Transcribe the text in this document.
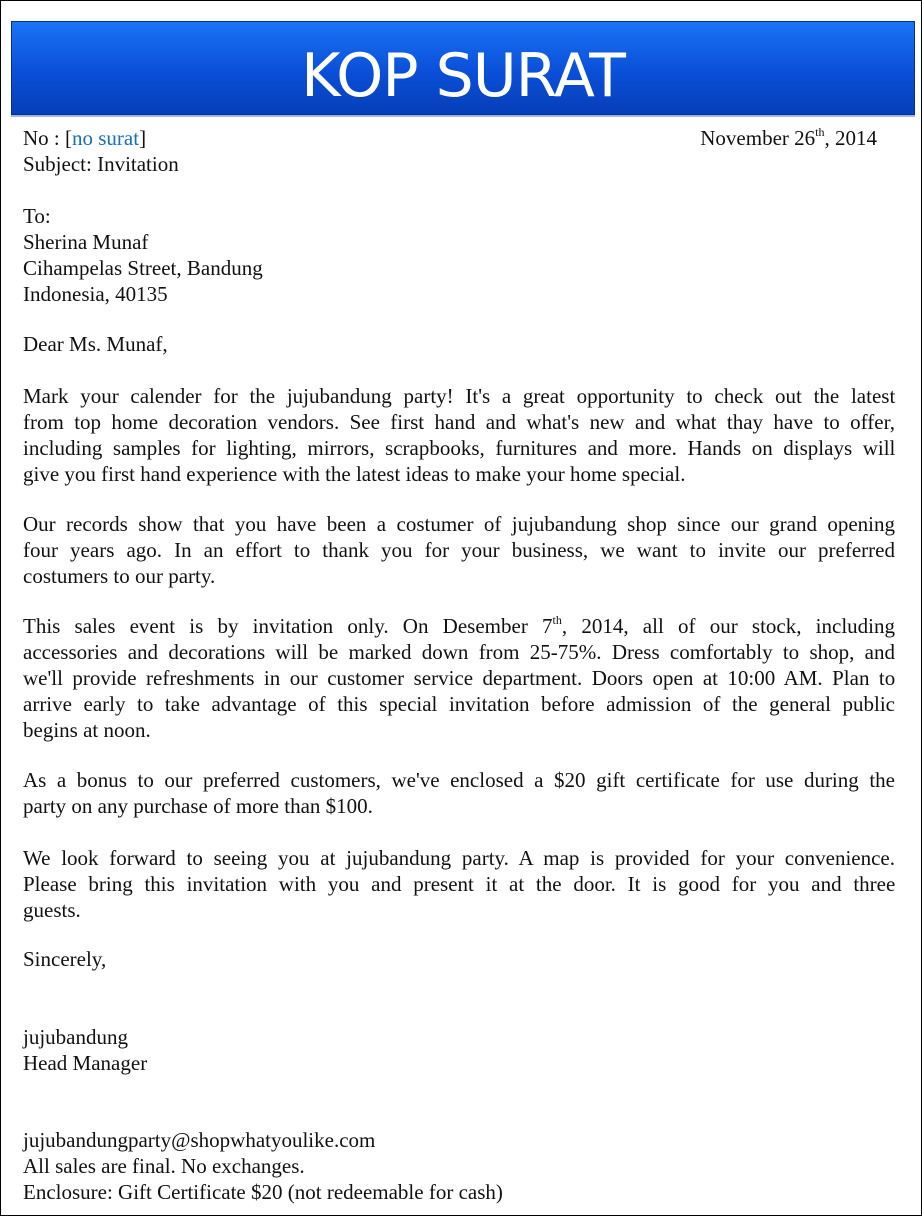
KOP SURAT
No : [no surat]	November 26th, 2014
Subject: Invitation
To:
Sherina Munaf
Cihampelas Street, Bandung
Indonesia, 40135
Dear Ms. Munaf,
Mark your calender for the jujubandung party! It's a great opportunity to check out the latest
from top home decoration vendors. See first hand and what's new and what thay have to offer,
including samples for lighting, mirrors, scrapbooks, furnitures and more. Hands on displays will
give you first hand experience with the latest ideas to make your home special.
Our records show that you have been a costumer of jujubandung shop since our grand opening
four years ago. In an effort to thank you for your business, we want to invite our preferred
costumers to our party.
This sales event is by invitation only. On Desember 7th, 2014, all of our stock, including
accessories and decorations will be marked down from 25-75%. Dress comfortably to shop, and
we'll provide refreshments in our customer service department. Doors open at 10:00 AM. Plan to
arrive early to take advantage of this special invitation before admission of the general public
begins at noon.
As a bonus to our preferred customers, we've enclosed a $20 gift certificate for use during the
party on any purchase of more than $100.
We look forward to seeing you at jujubandung party. A map is provided for your convenience.
Please bring this invitation with you and present it at the door. It is good for you and three
guests.
Sincerely,
jujubandung
Head Manager
jujubandungparty@shopwhatyoulike.com
All sales are final. No exchanges.
Enclosure: Gift Certificate $20 (not redeemable for cash)
